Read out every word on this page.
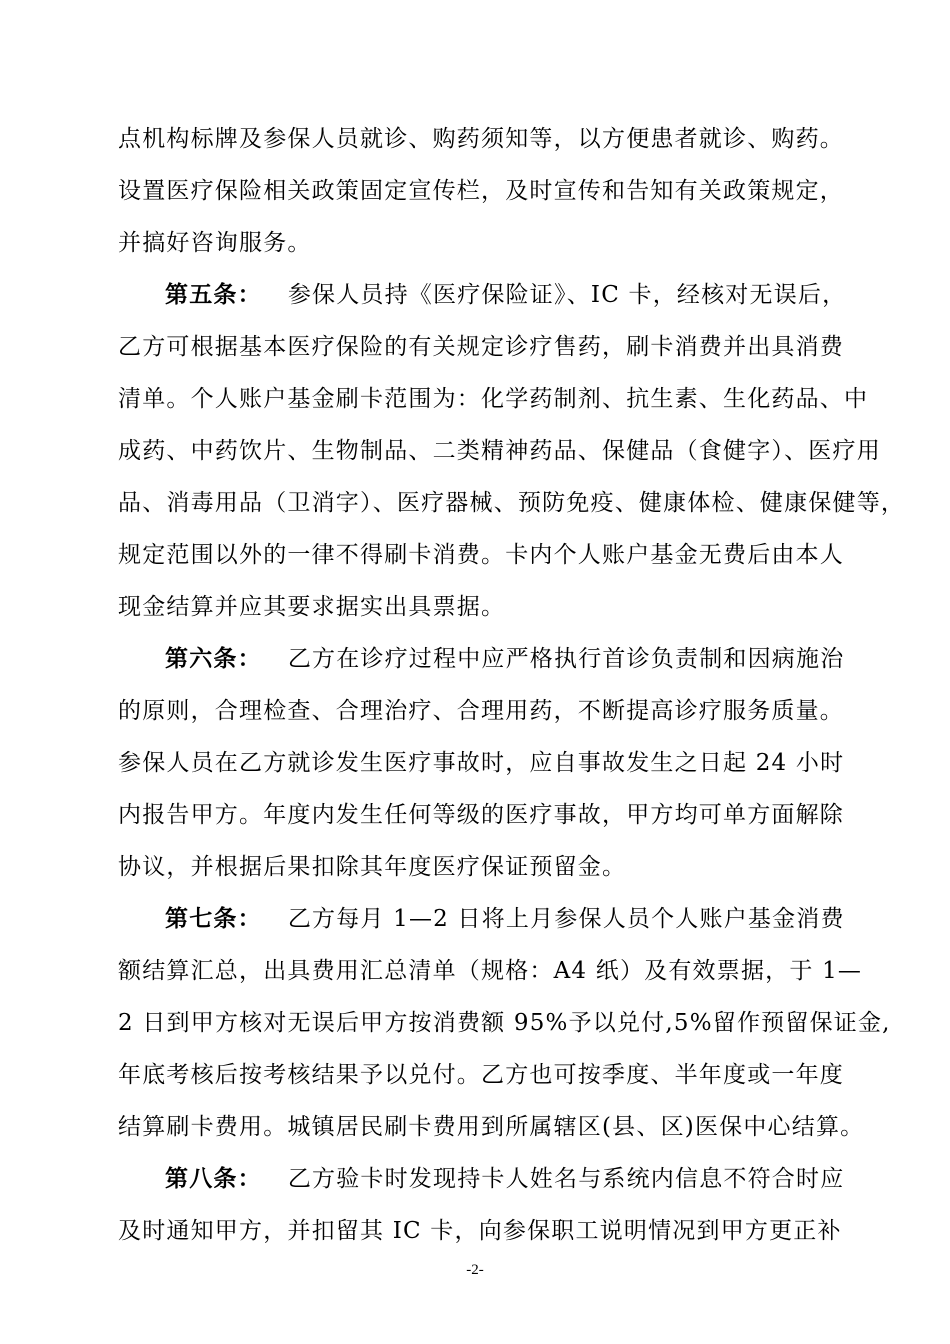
点机构标牌及参保人员就诊、购药须知等，以方便患者就诊、购药。
设置医疗保险相关政策固定宣传栏，及时宣传和告知有关政策规定，
并搞好咨询服务。
第五条： 参保人员持《医疗保险证》、IC 卡，经核对无误后，
乙方可根据基本医疗保险的有关规定诊疗售药，刷卡消费并出具消费
清单。个人账户基金刷卡范围为：化学药制剂、抗生素、生化药品、中
成药、中药饮片、生物制品、二类精神药品、保健品（食健字）、医疗用
品、消毒用品（卫消字）、医疗器械、预防免疫、健康体检、健康保健等，
规定范围以外的一律不得刷卡消费。卡内个人账户基金无费后由本人
现金结算并应其要求据实出具票据。
第六条： 乙方在诊疗过程中应严格执行首诊负责制和因病施治
的原则，合理检查、合理治疗、合理用药，不断提高诊疗服务质量。
参保人员在乙方就诊发生医疗事故时，应自事故发生之日起 24 小时
内报告甲方。年度内发生任何等级的医疗事故，甲方均可单方面解除
协议，并根据后果扣除其年度医疗保证预留金。
第七条： 乙方每月 1—2 日将上月参保人员个人账户基金消费
额结算汇总，出具费用汇总清单（规格：A4 纸）及有效票据，于 1—
2 日到甲方核对无误后甲方按消费额 95%予以兑付,5%留作预留保证金,
年底考核后按考核结果予以兑付。乙方也可按季度、半年度或一年度
结算刷卡费用。城镇居民刷卡费用到所属辖区(县、区)医保中心结算。
第八条： 乙方验卡时发现持卡人姓名与系统内信息不符合时应
及时通知甲方，并扣留其 IC 卡，向参保职工说明情况到甲方更正补
-2-
